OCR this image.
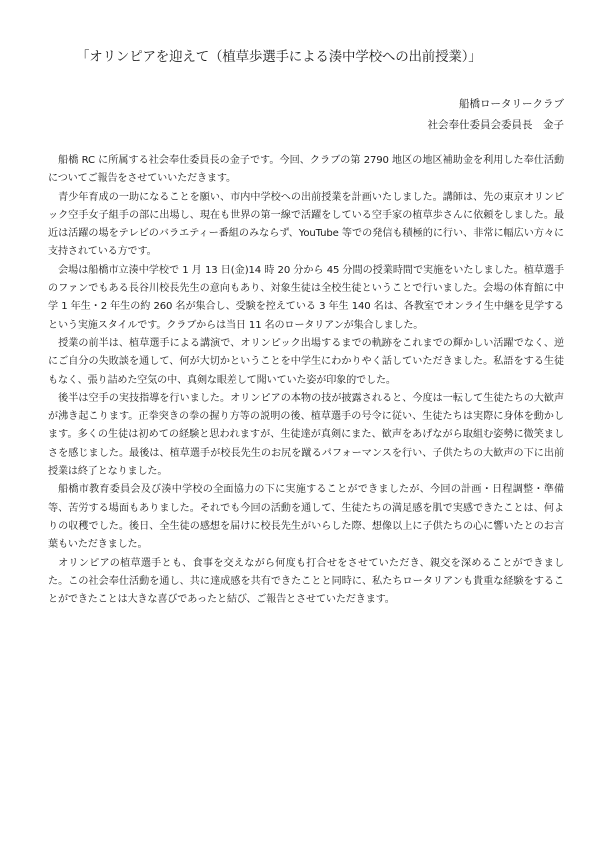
「オリンピアを迎えて（植草歩選手による湊中学校への出前授業）」
船橋ロータリークラブ
社会奉仕委員会委員長　金子

船橋 RC に所属する社会奉仕委員長の金子です。今回、クラブの第 2790 地区の地区補助金を利用した奉仕活動についてご報告をさせていいただきます。

青少年育成の一助になることを願い、市内中学校への出前授業を計画いたしました。講師は、先の東京オリンピック空手女子組手の部に出場し、現在も世界の第一線で活躍をしている空手家の植草歩さんに依頼をしました。最近は活躍の場をテレビのバラエティー番組のみならず、YouTube 等での発信も積極的に行い、非常に幅広い方々に支持されている方です。

会場は船橋市立湊中学校で 1 月 13 日(金)14 時 20 分から 45 分間の授業時間で実施をいたしました。植草選手のファンでもある長谷川校長先生の意向もあり、対象生徒は全校生徒ということで行いました。会場の体育館に中学 1 年生・2 年生の約 260 名が集合し、受験を控えている 3 年生 140 名は、各教室でオンライ生中継を見学するという実施スタイルです。クラブからは当日 11 名のロータリアンが集合しました。

授業の前半は、植草選手による講演で、オリンピック出場するまでの軌跡をこれまでの輝かしい活躍でなく、逆にご自分の失敗談を通して、何が大切かということを中学生にわかりやく話していただきました。私語をする生徒もなく、張り詰めた空気の中、真剣な眼差して聞いていた姿が印象的でした。

後半は空手の実技指導を行いました。オリンピアの本物の技が披露されると、今度は一転して生徒たちの大歓声が沸き起こります。正拳突きの拳の握り方等の説明の後、植草選手の号令に従い、生徒たちは実際に身体を動かします。多くの生徒は初めての経験と思われますが、生徒達が真剣にまた、歓声をあげながら取組む姿勢に微笑ましさを感じました。最後は、植草選手が校長先生のお尻を蹴るパフォーマンスを行い、子供たちの大歓声の下に出前授業は終了となりました。

船橋市教育委員会及び湊中学校の全面協力の下に実施することができましたが、今回の計画・日程調整・準備等、苦労する場面もありました。それでも今回の活動を通して、生徒たちの満足感を肌で実感できたことは、何よりの収穫でした。後日、全生徒の感想を届けに校長先生がいらした際、想像以上に子供たちの心に響いたとのお言葉もいただきました。

オリンピアの植草選手とも、食事を交えながら何度も打合せをさせていただき、親交を深めることができました。この社会奉仕活動を通し、共に達成感を共有できたことと同時に、私たちロータリアンも貴重な経験をすることができたことは大きな喜びであったと結び、ご報告とさせていただきます。
